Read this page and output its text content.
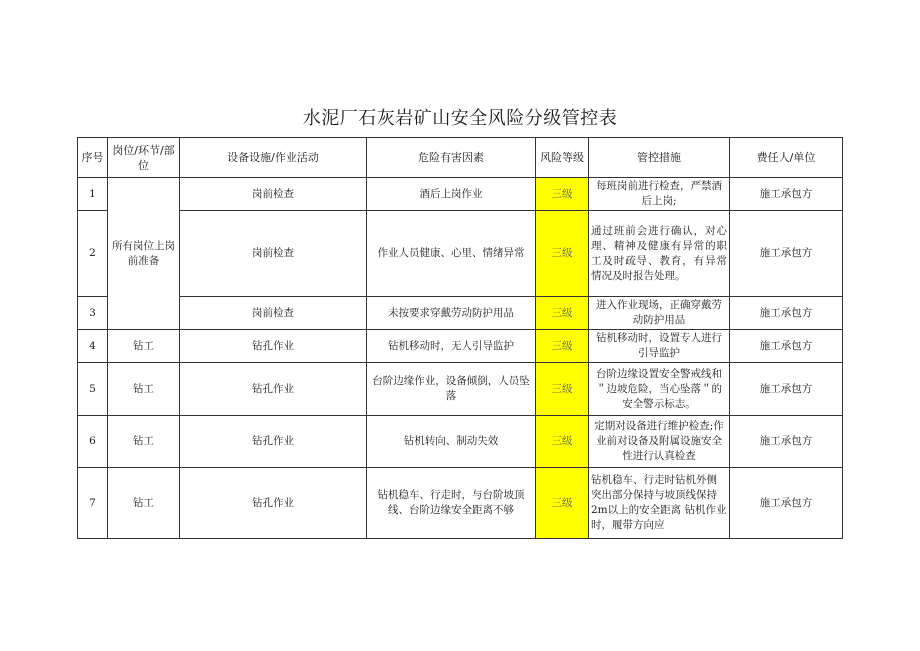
水泥厂石灰岩矿山安全风险分级管控表
序号	岗位/环节/部位	设备设施/作业活动	危险有害因素	风险等级	管控措施	费任人/单位
1	所有岗位上岗前准备	岗前检查	酒后上岗作业	三级	每班岗前进行检查，严禁酒后上岗;	施工承包方
2		岗前检查	作业人员健康、心里、情绪异常	三级	通过班前会进行确认，对心理、精神及健康有异常的职工及时疏导、教育，有异常情况及时报告处理。	施工承包方
3		岗前检查	未按要求穿戴劳动防护用品	三级	进入作业现场，正确穿戴劳动防护用品	施工承包方
4	钻工	钻孔作业	钻机移动时，无人引导监护	三级	钻机移动时，设置专人进行引导监护	施工承包方
5	钻工	钻孔作业	台阶边缘作业，设备倾倒，人员坠落	三级	台阶边缘设置安全警戒线和＂边坡危险，当心坠落＂的安全警示标志。	施工承包方
6	钻工	钻孔作业	钻机转向、制动失效	三级	定期对设备进行维护检查;作业前对设备及附属设施安全性进行认真检查	施工承包方
7	钻工	钻孔作业	钻机稳车、行走时，与台阶坡顶线、台阶边缘安全距离不够	三级	钻机稳车、行走时钻机外侧突出部分保持与坡顶线保持2m以上的安全距离 钻机作业时，履带方向应	施工承包方
